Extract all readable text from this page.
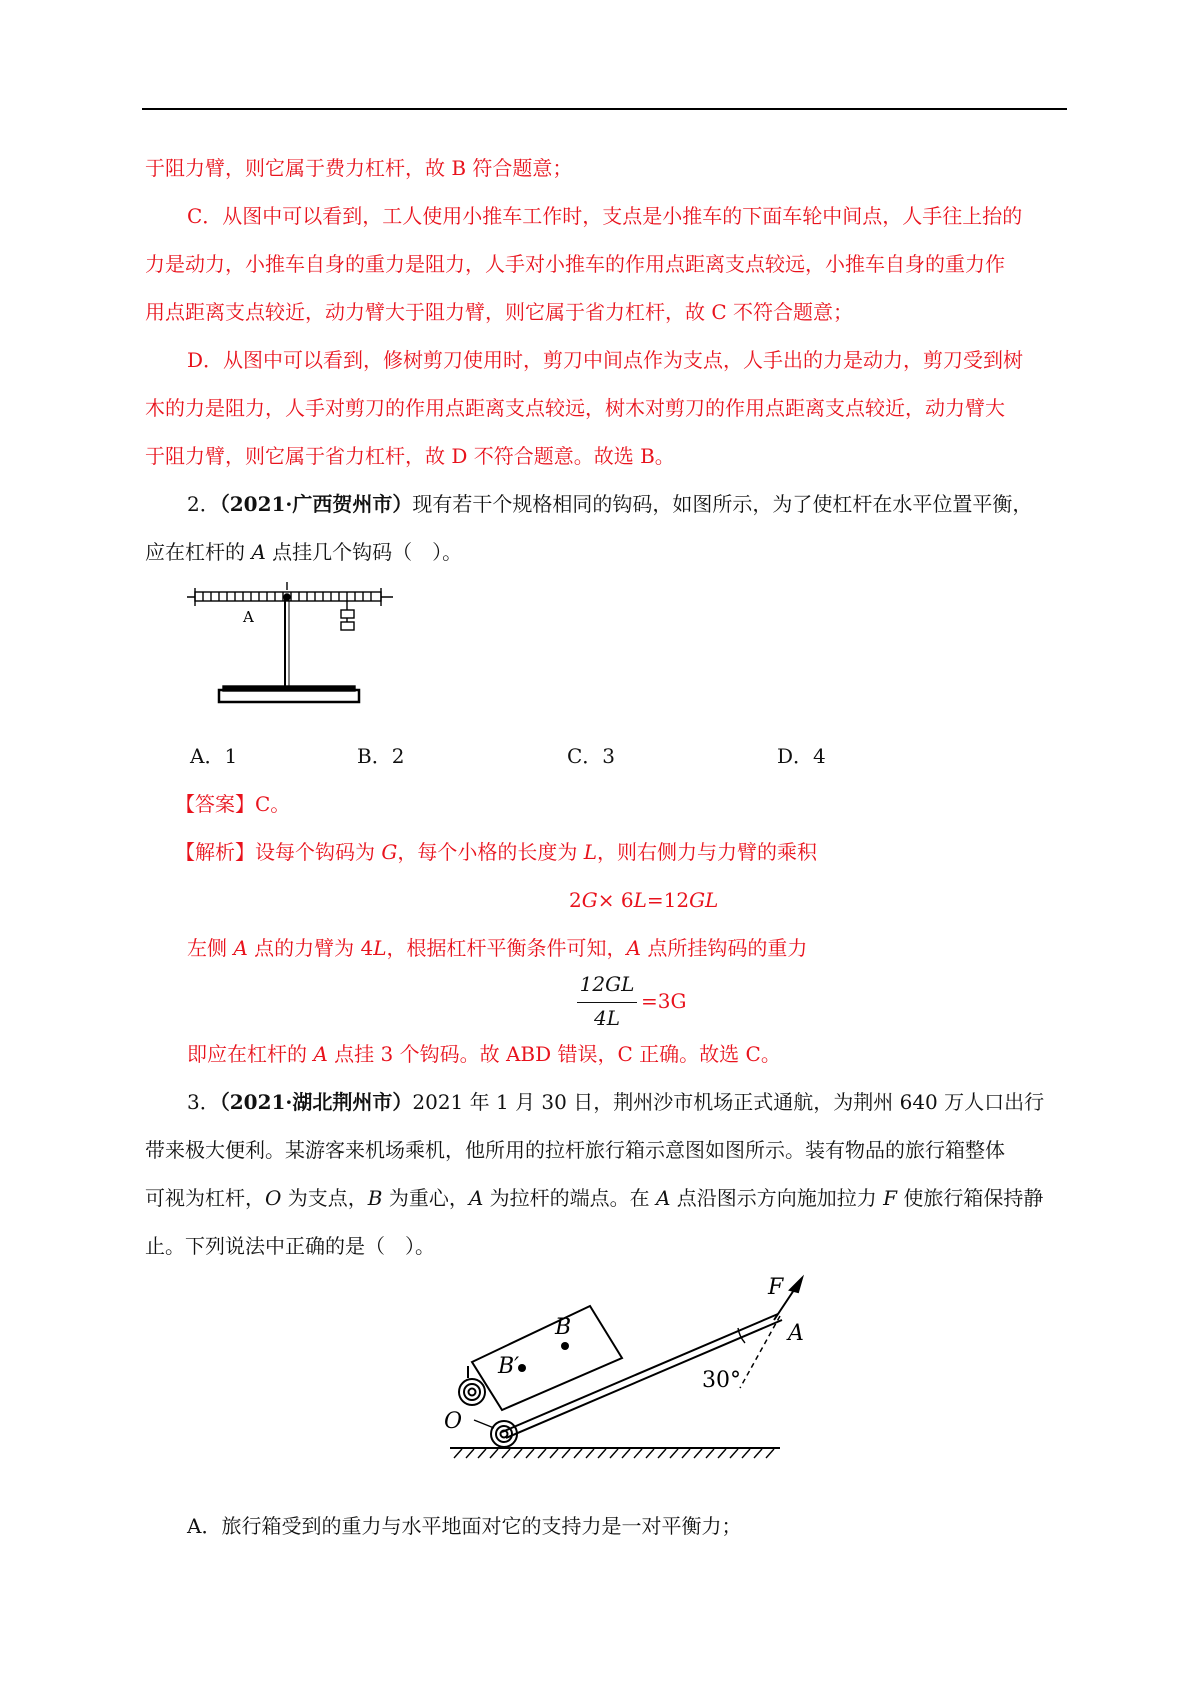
于阻力臂，则它属于费力杠杆，故 B 符合题意；
C．从图中可以看到，工人使用小推车工作时，支点是小推车的下面车轮中间点，人手往上抬的
力是动力，小推车自身的重力是阻力，人手对小推车的作用点距离支点较远，小推车自身的重力作
用点距离支点较近，动力臂大于阻力臂，则它属于省力杠杆，故 C 不符合题意；
D．从图中可以看到，修树剪刀使用时，剪刀中间点作为支点，人手出的力是动力，剪刀受到树
木的力是阻力，人手对剪刀的作用点距离支点较远，树木对剪刀的作用点距离支点较近，动力臂大
于阻力臂，则它属于省力杠杆，故 D 不符合题意。故选 B。
2．（2021·广西贺州市）现有若干个规格相同的钩码，如图所示，为了使杠杆在水平位置平衡，
应在杠杆的 A 点挂几个钩码（　）。
A
A．1	B．2	C．3	D．4
【答案】C。
【解析】设每个钩码为 G，每个小格的长度为 L，则右侧力与力臂的乘积
2G× 6L=12GL
左侧 A 点的力臂为 4L，根据杠杆平衡条件可知，A 点所挂钩码的重力
12GL
4L
=3G
即应在杠杆的 A 点挂 3 个钩码。故 ABD 错误，C 正确。故选 C。
3．（2021·湖北荆州市）2021 年 1 月 30 日，荆州沙市机场正式通航，为荆州 640 万人口出行
带来极大便利。某游客来机场乘机，他所用的拉杆旅行箱示意图如图所示。装有物品的旅行箱整体
可视为杠杆，O 为支点，B 为重心，A 为拉杆的端点。在 A 点沿图示方向施加拉力 F 使旅行箱保持静
止。下列说法中正确的是（　）。
F
A
B
B′
O
30°
A．旅行箱受到的重力与水平地面对它的支持力是一对平衡力；
